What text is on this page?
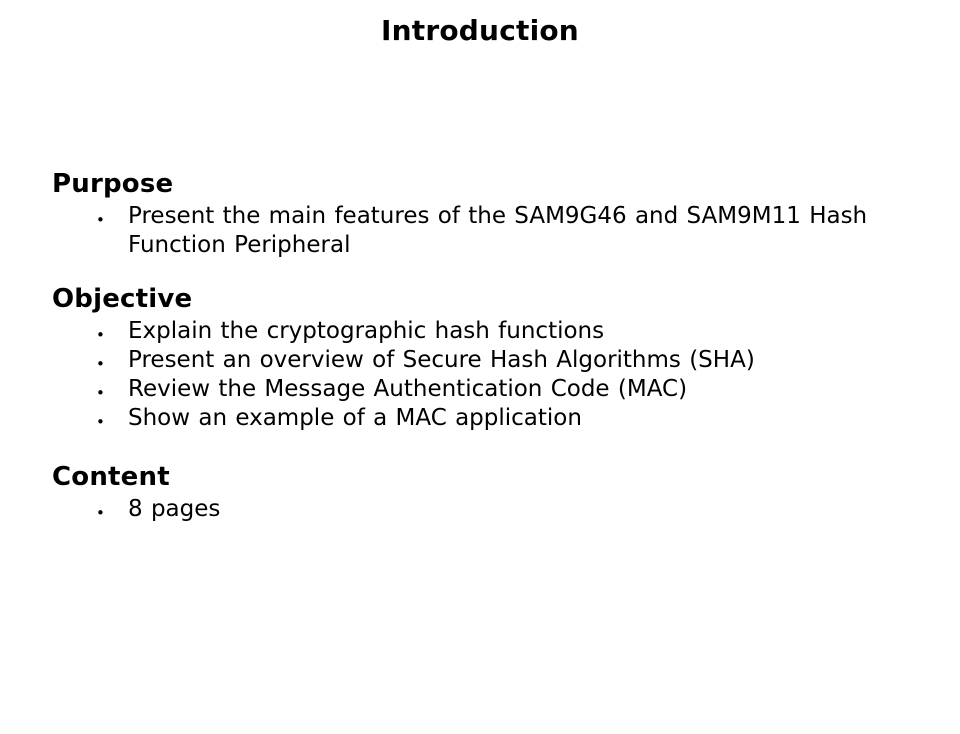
Introduction
Purpose
• Present the main features of the SAM9G46 and SAM9M11 Hash Function Peripheral
Objective
• Explain the cryptographic hash functions
• Present an overview of Secure Hash Algorithms (SHA)
• Review the Message Authentication Code (MAC)
• Show an example of a MAC application
Content
• 8 pages
